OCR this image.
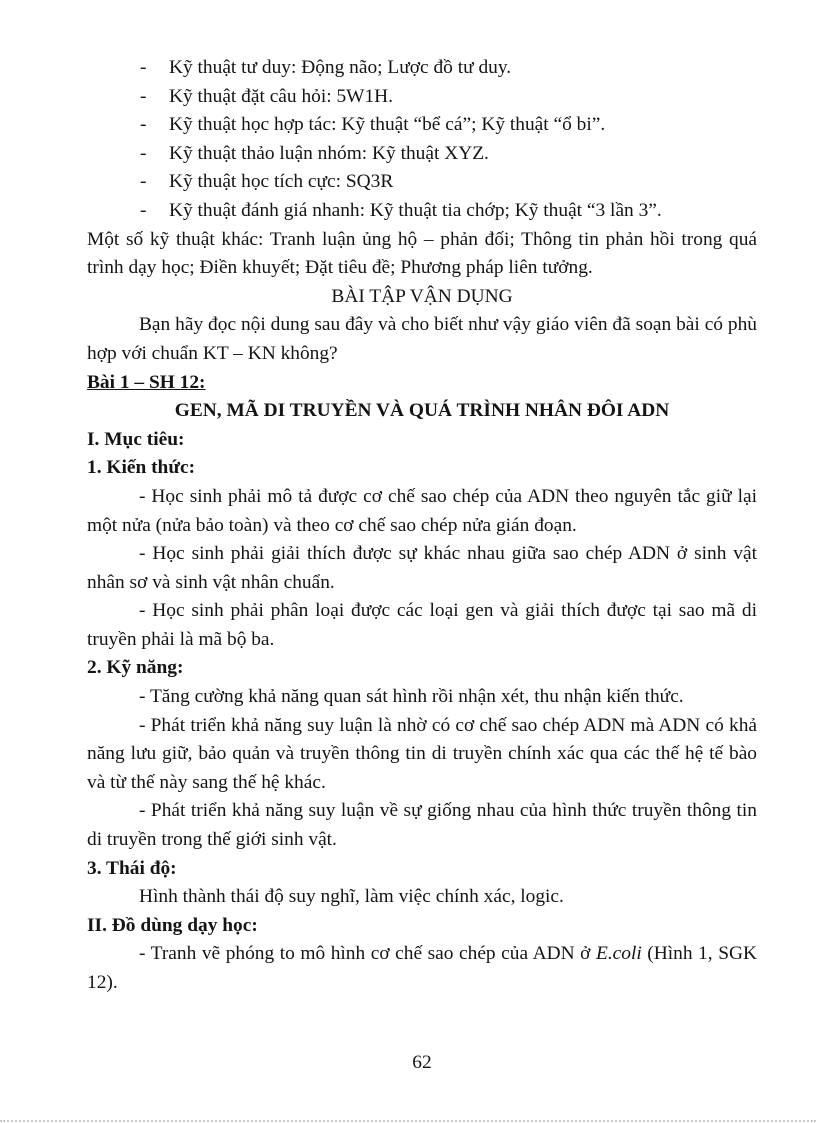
- Kỹ thuật tư duy: Động não; Lược đồ tư duy.
- Kỹ thuật đặt câu hỏi: 5W1H.
- Kỹ thuật học hợp tác: Kỹ thuật “bể cá”; Kỹ thuật “ổ bi”.
- Kỹ thuật thảo luận nhóm: Kỹ thuật XYZ.
- Kỹ thuật học tích cực: SQ3R
- Kỹ thuật đánh giá nhanh: Kỹ thuật tia chớp; Kỹ thuật “3 lần 3”.

Một số kỹ thuật khác: Tranh luận ủng hộ – phản đối; Thông tin phản hồi trong quá trình dạy học; Điền khuyết; Đặt tiêu đề; Phương pháp liên tưởng.

BÀI TẬP VẬN DỤNG

Bạn hãy đọc nội dung sau đây và cho biết như vậy giáo viên đã soạn bài có phù hợp với chuẩn KT – KN không?

Bài 1 – SH 12:

GEN, MÃ DI TRUYỀN VÀ QUÁ TRÌNH NHÂN ĐÔI ADN
I. Mục tiêu:
1. Kiến thức:

- Học sinh phải mô tả được cơ chế sao chép của ADN theo nguyên tắc giữ lại một nửa (nửa bảo toàn) và theo cơ chế sao chép nửa gián đoạn.

- Học sinh phải giải thích được sự khác nhau giữa sao chép ADN ở sinh vật nhân sơ và sinh vật nhân chuẩn.

- Học sinh phải phân loại được các loại gen và giải thích được tại sao mã di truyền phải là mã bộ ba.

2. Kỹ năng:

- Tăng cường khả năng quan sát hình rồi nhận xét, thu nhận kiến thức.

- Phát triển khả năng suy luận là nhờ có cơ chế sao chép ADN mà ADN có khả năng lưu giữ, bảo quản và truyền thông tin di truyền chính xác qua các thế hệ tế bào và từ thế này sang thế hệ khác.

- Phát triển khả năng suy luận về sự giống nhau của hình thức truyền thông tin di truyền trong thế giới sinh vật.

3. Thái độ:

Hình thành thái độ suy nghĩ, làm việc chính xác, logic.

II. Đồ dùng dạy học:

- Tranh vẽ phóng to mô hình cơ chế sao chép của ADN ở E.coli (Hình 1, SGK 12).

62
